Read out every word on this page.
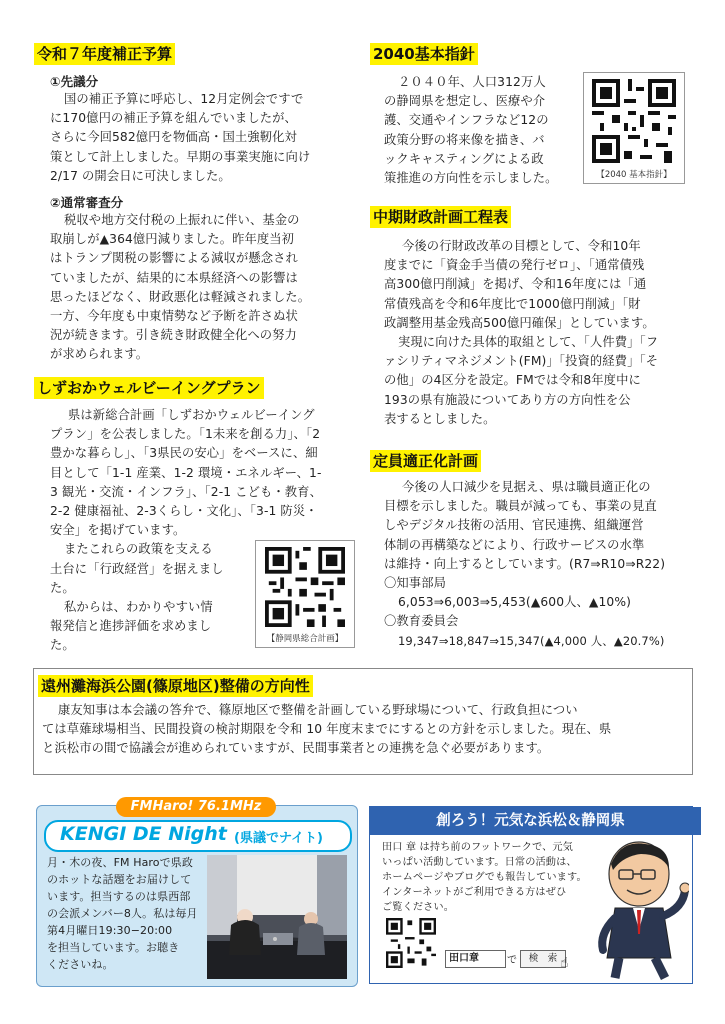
令和７年度補正予算
①先議分
国の補正予算に呼応し、12月定例会ですで
に170億円の補正予算を組んでいましたが、
さらに今回582億円を物価高・国土強靭化対
策として計上しました。早期の事業実施に向け
2/17 の開会日に可決しました。
②通常審査分
税収や地方交付税の上振れに伴い、基金の
取崩しが▲364億円減りました。昨年度当初
はトランプ関税の影響による減収が懸念され
ていましたが、結果的に本県経済への影響は
思ったほどなく、財政悪化は軽減されました。
一方、今年度も中東情勢など予断を許さぬ状
況が続きます。引き続き財政健全化への努力
が求められます。
しずおかウェルビーイングプラン
県は新総合計画「しずおかウェルビーイング
プラン」を公表しました。「1未来を創る力」、「2
豊かな暮らし」、「3県民の安心」をベースに、細
目として「1-1 産業、1-2 環境・エネルギー、1-
3 観光・交流・インフラ」、「2-1 こども・教育、
2-2 健康福祉、2-3くらし・文化」、「3-1 防災・
安全」を掲げています。
またこれらの政策を支える
土台に「行政経営」を据えまし
た。
私からは、わかりやすい情
報発信と進捗評価を求めまし
た。	【静岡県総合計画】
2040基本指針
２０４０年、人口312万人
の静岡県を想定し、医療や介
護、交通やインフラなど12の
政策分野の将来像を描き、バ
ックキャスティングによる政
策推進の方向性を示しました。	【2040 基本指針】
中期財政計画工程表
今後の行財政改革の目標として、令和10年
度までに「資金手当債の発行ゼロ」、「通常債残
高300億円削減」を掲げ、令和16年度には「通
常債残高を令和6年度比で1000億円削減」「財
政調整用基金残高500億円確保」としています。
実現に向けた具体的取組として、「人件費」「フ
ァシリティマネジメント(FM)」「投資的経費」「そ
の他」の4区分を設定。FMでは令和8年度中に
193の県有施設についてあり方の方向性を公
表するとしました。
定員適正化計画
今後の人口減少を見据え、県は職員適正化の
目標を示しました。職員が減っても、事業の見直
しやデジタル技術の活用、官民連携、組織運営
体制の再構築などにより、行政サービスの水準
は維持・向上するとしています。(R7⇒R10⇒R22)
〇知事部局
6,053⇒6,003⇒5,453(▲600人、▲10%)
〇教育委員会
19,347⇒18,847⇒15,347(▲4,000 人、▲20.7%)
遠州灘海浜公園(篠原地区)整備の方向性
康友知事は本会議の答弁で、篠原地区で整備を計画している野球場について、行政負担につい
ては草薙球場相当、民間投資の検討期限を令和 10 年度末までにするとの方針を示しました。現在、県
と浜松市の間で協議会が進められていますが、民間事業者との連携を急ぐ必要があります。
FMHaro! 76.1MHz
KENGI DE Night (県議でナイト)
月・木の夜、FM Haroで県政
のホットな話題をお届けして
います。担当するのは県西部
の会派メンバー8人。私は毎月
第4月曜日19:30−20:00
を担当しています。お聴き
くださいね。
創ろう！元気な浜松＆静岡県
田口 章 は持ち前のフットワークで、元気
いっぱい活動しています。日常の活動は、
ホームページやブログでも報告しています。
インターネットがご利用できる方はぜひ
ご覧ください。
田口章	で	検　索 ☝
